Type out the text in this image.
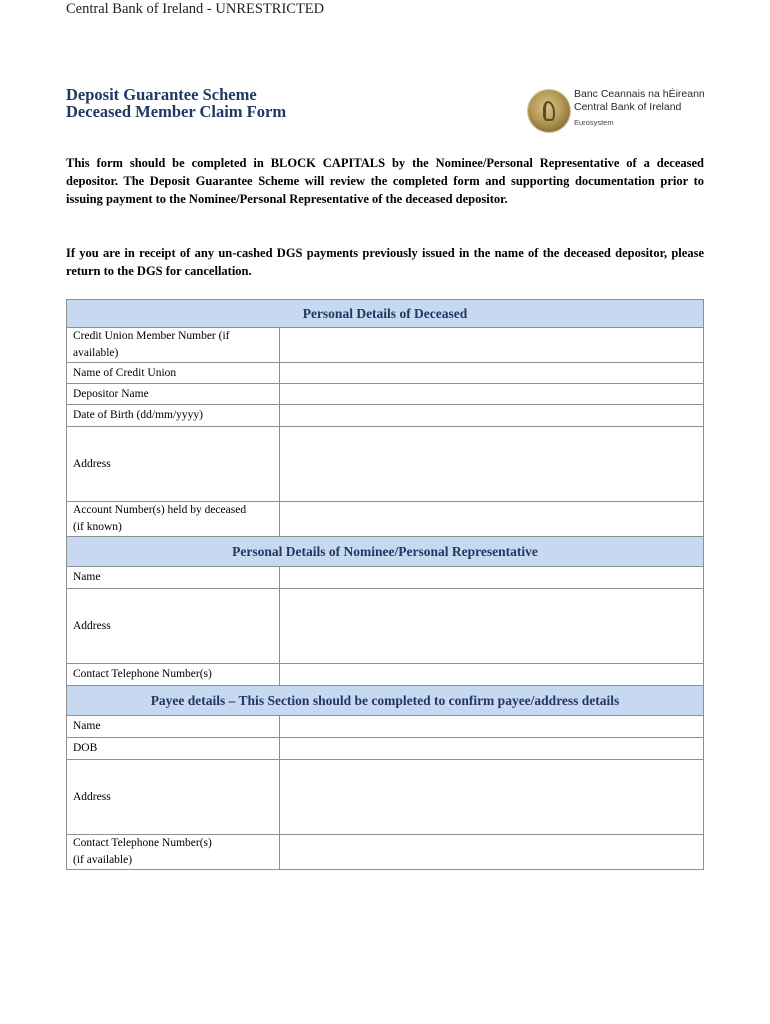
Central Bank of Ireland - UNRESTRICTED
Deposit Guarantee Scheme
Deceased Member Claim Form
Banc Ceannais na hÉireann
Central Bank of Ireland
Eurosystem

This form should be completed in BLOCK CAPITALS by the Nominee/Personal Representative of a deceased depositor. The Deposit Guarantee Scheme will review the completed form and supporting documentation prior to issuing payment to the Nominee/Personal Representative of the deceased depositor.

If you are in receipt of any un-cashed DGS payments previously issued in the name of the deceased depositor, please return to the DGS for cancellation.

Personal Details of Deceased	

Credit Union Member Number (if
available)	

Name of Credit Union	
Depositor Name	
Date of Birth (dd/mm/yyyy)	
Address	

Account Number(s) held by deceased
(if known)	

Personal Details of Nominee/Personal Representative	
Name	
Address	
Contact Telephone Number(s)	
Payee details – This Section should be completed to confirm payee/address details	
Name	
DOB	
Address	

Contact Telephone Number(s)
(if available)	
